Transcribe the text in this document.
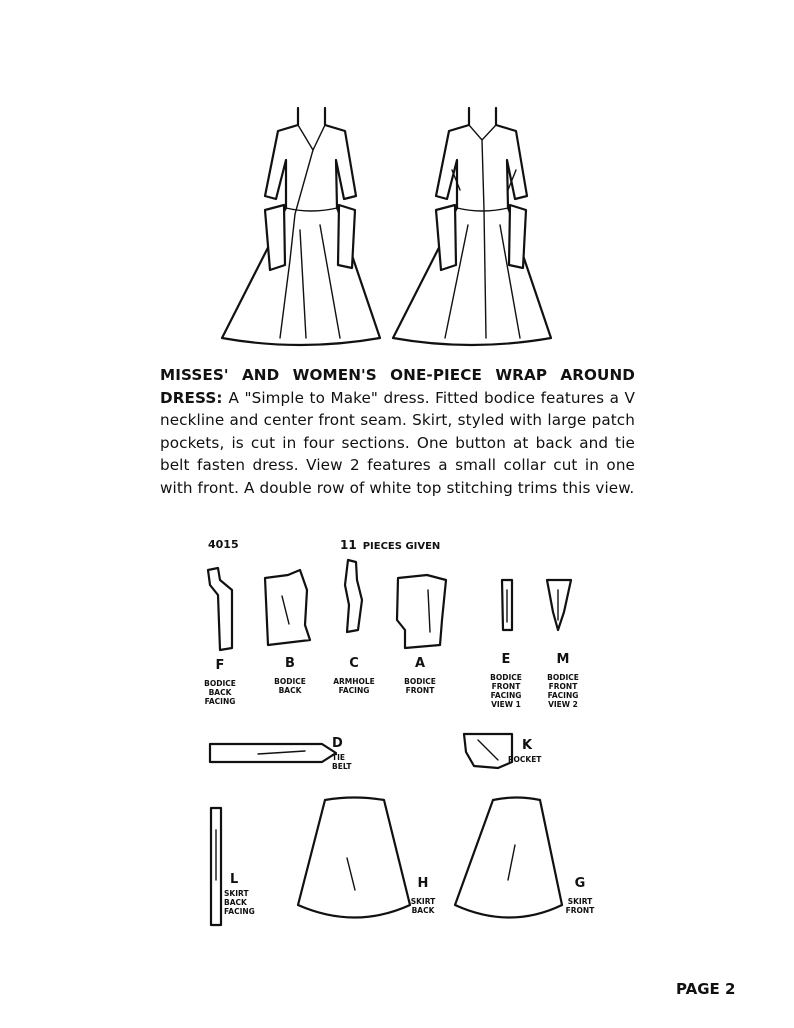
MISSES' AND WOMEN'S ONE-PIECE WRAP AROUND DRESS: A "Simple to Make" dress. Fitted bodice features a V neckline and center front seam. Skirt, styled with large patch pockets, is cut in four sections. One button at back and tie belt fasten dress. View 2 features a small collar cut in one with front. A double row of white top stitching trims this view.
4015	11 PIECES GIVEN
F
BODICE
BACK
FACING
B
BODICE
BACK
C
ARMHOLE
FACING
A
BODICE
FRONT
E
BODICE
FRONT
FACING
VIEW 1
M
BODICE
FRONT
FACING
VIEW 2
D
TIE
BELT
K
POCKET
L
SKIRT
BACK
FACING
H
SKIRT
BACK
G
SKIRT
FRONT
PAGE 2
